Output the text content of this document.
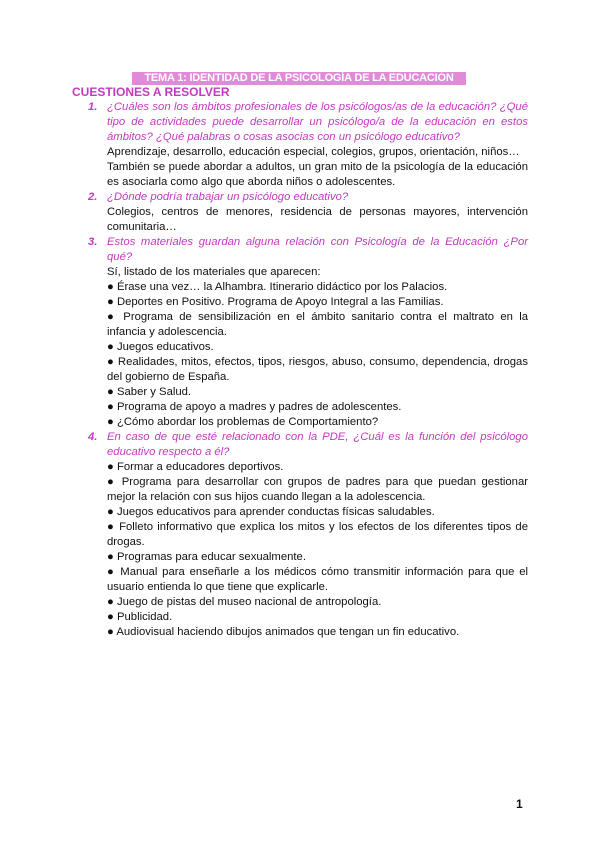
TEMA 1: IDENTIDAD DE LA PSICOLOGÍA DE LA EDUCACIÓN
CUESTIONES A RESOLVER
1. ¿Cuáles son los ámbitos profesionales de los psicólogos/as de la educación? ¿Qué tipo de actividades puede desarrollar un psicólogo/a de la educación en estos ámbitos? ¿Qué palabras o cosas asocias con un psicólogo educativo?
Aprendizaje, desarrollo, educación especial, colegios, grupos, orientación, niños…
También se puede abordar a adultos, un gran mito de la psicología de la educación es asociarla como algo que aborda niños o adolescentes.
2. ¿Dónde podría trabajar un psicólogo educativo?
Colegios, centros de menores, residencia de personas mayores, intervención comunitaria…
3. Estos materiales guardan alguna relación con Psicología de la Educación ¿Por qué?
Sí, listado de los materiales que aparecen:
● Érase una vez… la Alhambra. Itinerario didáctico por los Palacios.
● Deportes en Positivo. Programa de Apoyo Integral a las Familias.
● Programa de sensibilización en el ámbito sanitario contra el maltrato en la infancia y adolescencia.
● Juegos educativos.
● Realidades, mitos, efectos, tipos, riesgos, abuso, consumo, dependencia, drogas del gobierno de España.
● Saber y Salud.
● Programa de apoyo a madres y padres de adolescentes.
● ¿Cómo abordar los problemas de Comportamiento?
4. En caso de que esté relacionado con la PDE, ¿Cuál es la función del psicólogo educativo respecto a él?
● Formar a educadores deportivos.
● Programa para desarrollar con grupos de padres para que puedan gestionar mejor la relación con sus hijos cuando llegan a la adolescencia.
● Juegos educativos para aprender conductas físicas saludables.
● Folleto informativo que explica los mitos y los efectos de los diferentes tipos de drogas.
● Programas para educar sexualmente.
● Manual para enseñarle a los médicos cómo transmitir información para que el usuario entienda lo que tiene que explicarle.
● Juego de pistas del museo nacional de antropología.
● Publicidad.
● Audiovisual haciendo dibujos animados que tengan un fin educativo.
1
